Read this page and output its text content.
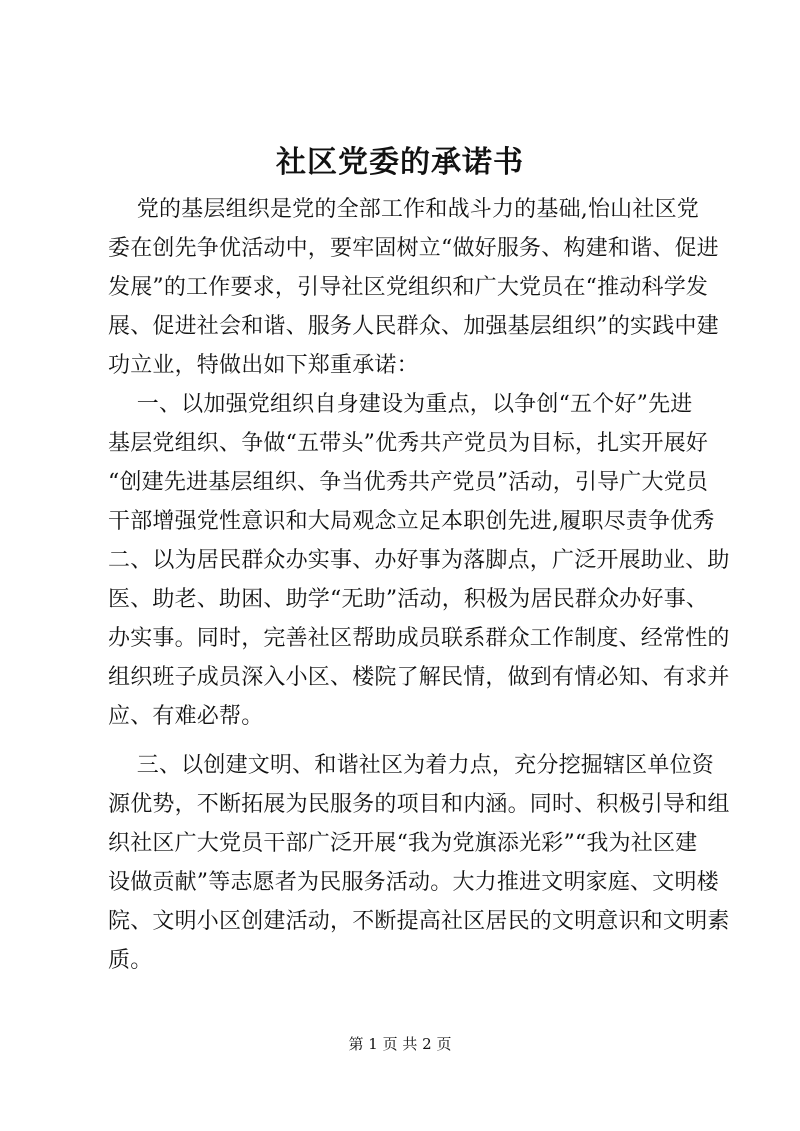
社区党委的承诺书
党的基层组织是党的全部工作和战斗力的基础,怡山社区党
委在创先争优活动中，要牢固树立“做好服务、构建和谐、促进
发展”的工作要求，引导社区党组织和广大党员在“推动科学发
展、促进社会和谐、服务人民群众、加强基层组织”的实践中建
功立业，特做出如下郑重承诺：
一、以加强党组织自身建设为重点，以争创“五个好”先进
基层党组织、争做“五带头”优秀共产党员为目标，扎实开展好
“创建先进基层组织、争当优秀共产党员”活动，引导广大党员
干部增强党性意识和大局观念立足本职创先进,履职尽责争优秀
二、以为居民群众办实事、办好事为落脚点，广泛开展助业、助
医、助老、助困、助学“无助”活动，积极为居民群众办好事、
办实事。同时，完善社区帮助成员联系群众工作制度、经常性的
组织班子成员深入小区、楼院了解民情，做到有情必知、有求并
应、有难必帮。
三、以创建文明、和谐社区为着力点，充分挖掘辖区单位资
源优势，不断拓展为民服务的项目和内涵。同时、积极引导和组
织社区广大党员干部广泛开展“我为党旗添光彩”“我为社区建
设做贡献”等志愿者为民服务活动。大力推进文明家庭、文明楼
院、文明小区创建活动，不断提高社区居民的文明意识和文明素
质。
第 1 页 共 2 页
